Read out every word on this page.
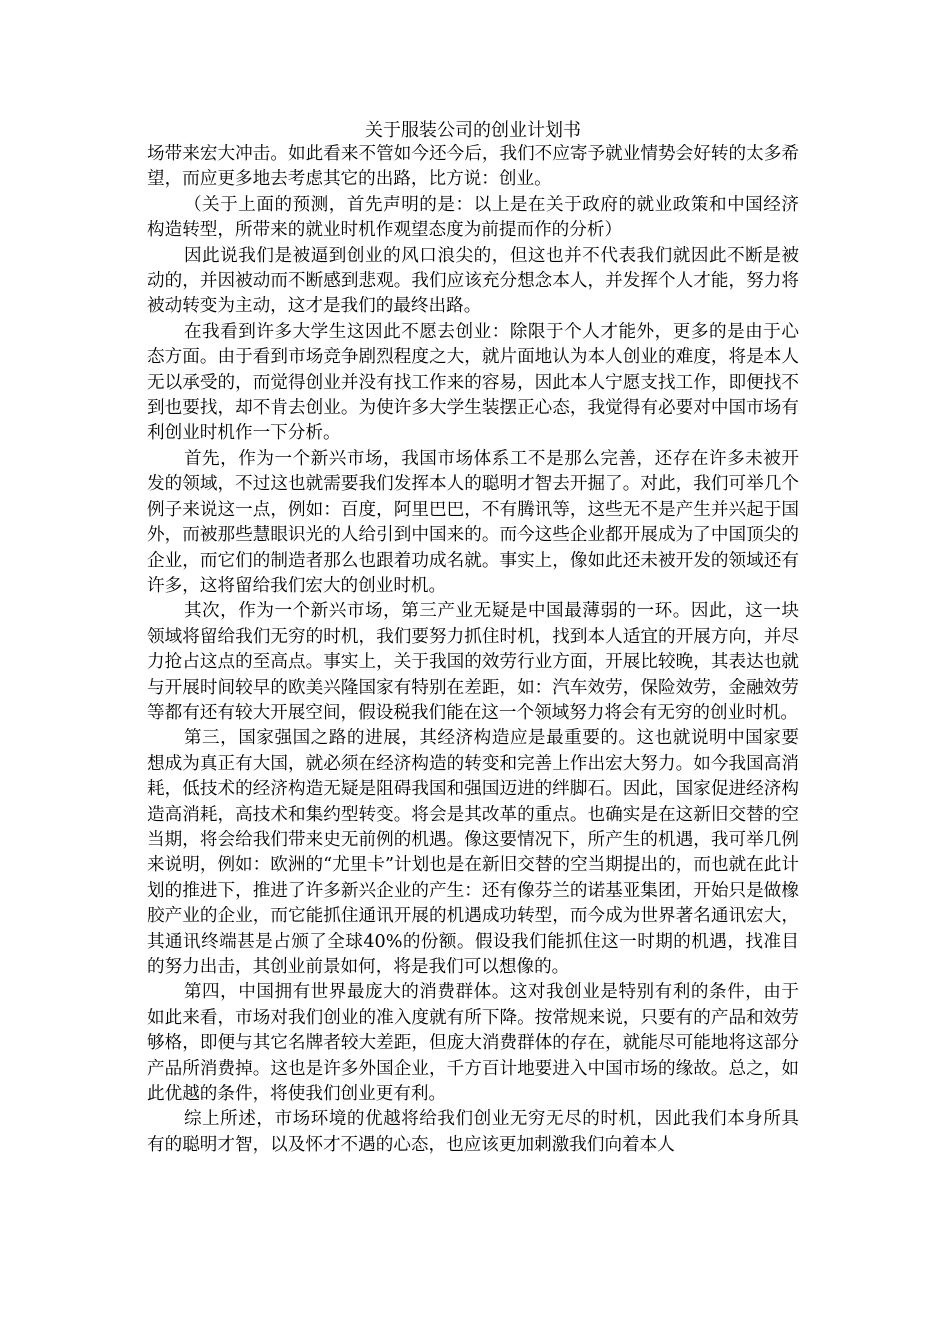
关于服装公司的创业计划书

场带来宏大冲击。如此看来不管如今还今后，我们不应寄予就业情势会好转的太多希望，而应更多地去考虑其它的出路，比方说：创业。

（关于上面的预测，首先声明的是：以上是在关于政府的就业政策和中国经济构造转型，所带来的就业时机作观望态度为前提而作的分析）

因此说我们是被逼到创业的风口浪尖的，但这也并不代表我们就因此不断是被动的，并因被动而不断感到悲观。我们应该充分想念本人，并发挥个人才能，努力将被动转变为主动，这才是我们的最终出路。

在我看到许多大学生这因此不愿去创业：除限于个人才能外，更多的是由于心态方面。由于看到市场竞争剧烈程度之大，就片面地认为本人创业的难度，将是本人无以承受的，而觉得创业并没有找工作来的容易，因此本人宁愿支找工作，即便找不到也要找，却不肯去创业。为使许多大学生装摆正心态，我觉得有必要对中国市场有利创业时机作一下分析。

首先，作为一个新兴市场，我国市场体系工不是那么完善，还存在许多未被开发的领域，不过这也就需要我们发挥本人的聪明才智去开掘了。对此，我们可举几个例子来说这一点，例如：百度，阿里巴巴，不有腾讯等，这些无不是产生并兴起于国外，而被那些慧眼识光的人给引到中国来的。而今这些企业都开展成为了中国顶尖的企业，而它们的制造者那么也跟着功成名就。事实上，像如此还未被开发的领域还有许多，这将留给我们宏大的创业时机。

其次，作为一个新兴市场，第三产业无疑是中国最薄弱的一环。因此，这一块领域将留给我们无穷的时机，我们要努力抓住时机，找到本人适宜的开展方向，并尽力抢占这点的至高点。事实上，关于我国的效劳行业方面，开展比较晚，其表达也就与开展时间较早的欧美兴隆国家有特别在差距，如：汽车效劳，保险效劳，金融效劳等都有还有较大开展空间，假设税我们能在这一个领域努力将会有无穷的创业时机。

第三，国家强国之路的进展，其经济构造应是最重要的。这也就说明中国家要想成为真正有大国，就必须在经济构造的转变和完善上作出宏大努力。如今我国高消耗，低技术的经济构造无疑是阻碍我国和强国迈进的绊脚石。因此，国家促进经济构造高消耗，高技术和集约型转变。将会是其改革的重点。也确实是在这新旧交替的空当期，将会给我们带来史无前例的机遇。像这要情况下，所产生的机遇，我可举几例来说明，例如：欧洲的“尤里卡”计划也是在新旧交替的空当期提出的，而也就在此计划的推进下，推进了许多新兴企业的产生：还有像芬兰的诺基亚集团，开始只是做橡胶产业的企业，而它能抓住通讯开展的机遇成功转型，而今成为世界著名通讯宏大，其通讯终端甚是占颁了全球40%的份额。假设我们能抓住这一时期的机遇，找准目的努力出击，其创业前景如何，将是我们可以想像的。

第四，中国拥有世界最庞大的消费群体。这对我创业是特别有利的条件，由于如此来看，市场对我们创业的准入度就有所下降。按常规来说，只要有的产品和效劳够格，即便与其它名牌者较大差距，但庞大消费群体的存在，就能尽可能地将这部分产品所消费掉。这也是许多外国企业，千方百计地要进入中国市场的缘故。总之，如此优越的条件，将使我们创业更有利。

综上所述，市场环境的优越将给我们创业无穷无尽的时机，因此我们本身所具有的聪明才智，以及怀才不遇的心态，也应该更加刺激我们向着本人
